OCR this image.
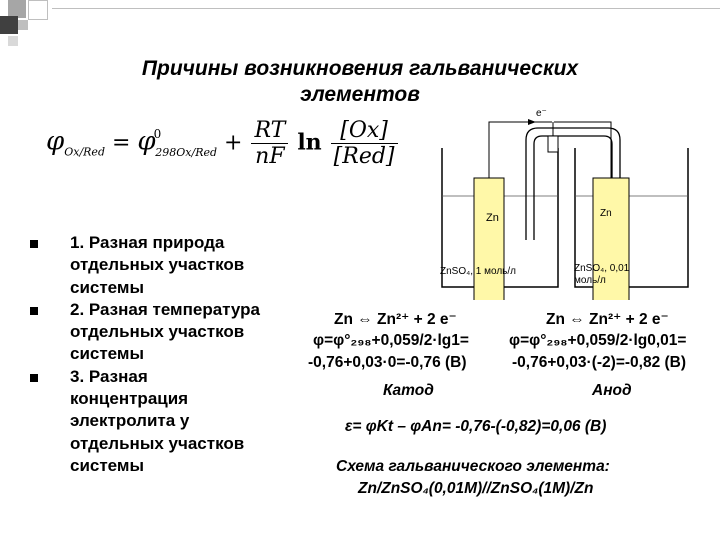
Причины возникновения гальванических
элементов
$\varphi_{Ox/Red} = \varphi^0_{298Ox/Red} + \frac{RT}{nF}$ $\ln \frac{[Ox]}{\text{[Red]}}$
1. Разная природа отдельных участков системы
2. Разная температура отдельных участков системы
3. Разная концентрация электролита у отдельных участков системы
e⁻
Zn	Zn
ZnSO₄, 1 моль/л	ZnSO₄, 0,01
моль/л
Zn ⇔ Zn²⁺ + 2 e⁻	Zn ⇔ Zn²⁺ + 2 e⁻
φ=φ°₂₉₈+0,059/2·lg1=	φ=φ°₂₉₈+0,059/2·lg0,01=
-0,76+0,03·0=-0,76 (В)	-0,76+0,03·(-2)=-0,82 (В)
Катод	Анод
ε= φKt – φAn= -0,76-(-0,82)=0,06 (В)
Схема гальванического элемента:
Zn/ZnSO₄(0,01M)//ZnSO₄(1M)/Zn
